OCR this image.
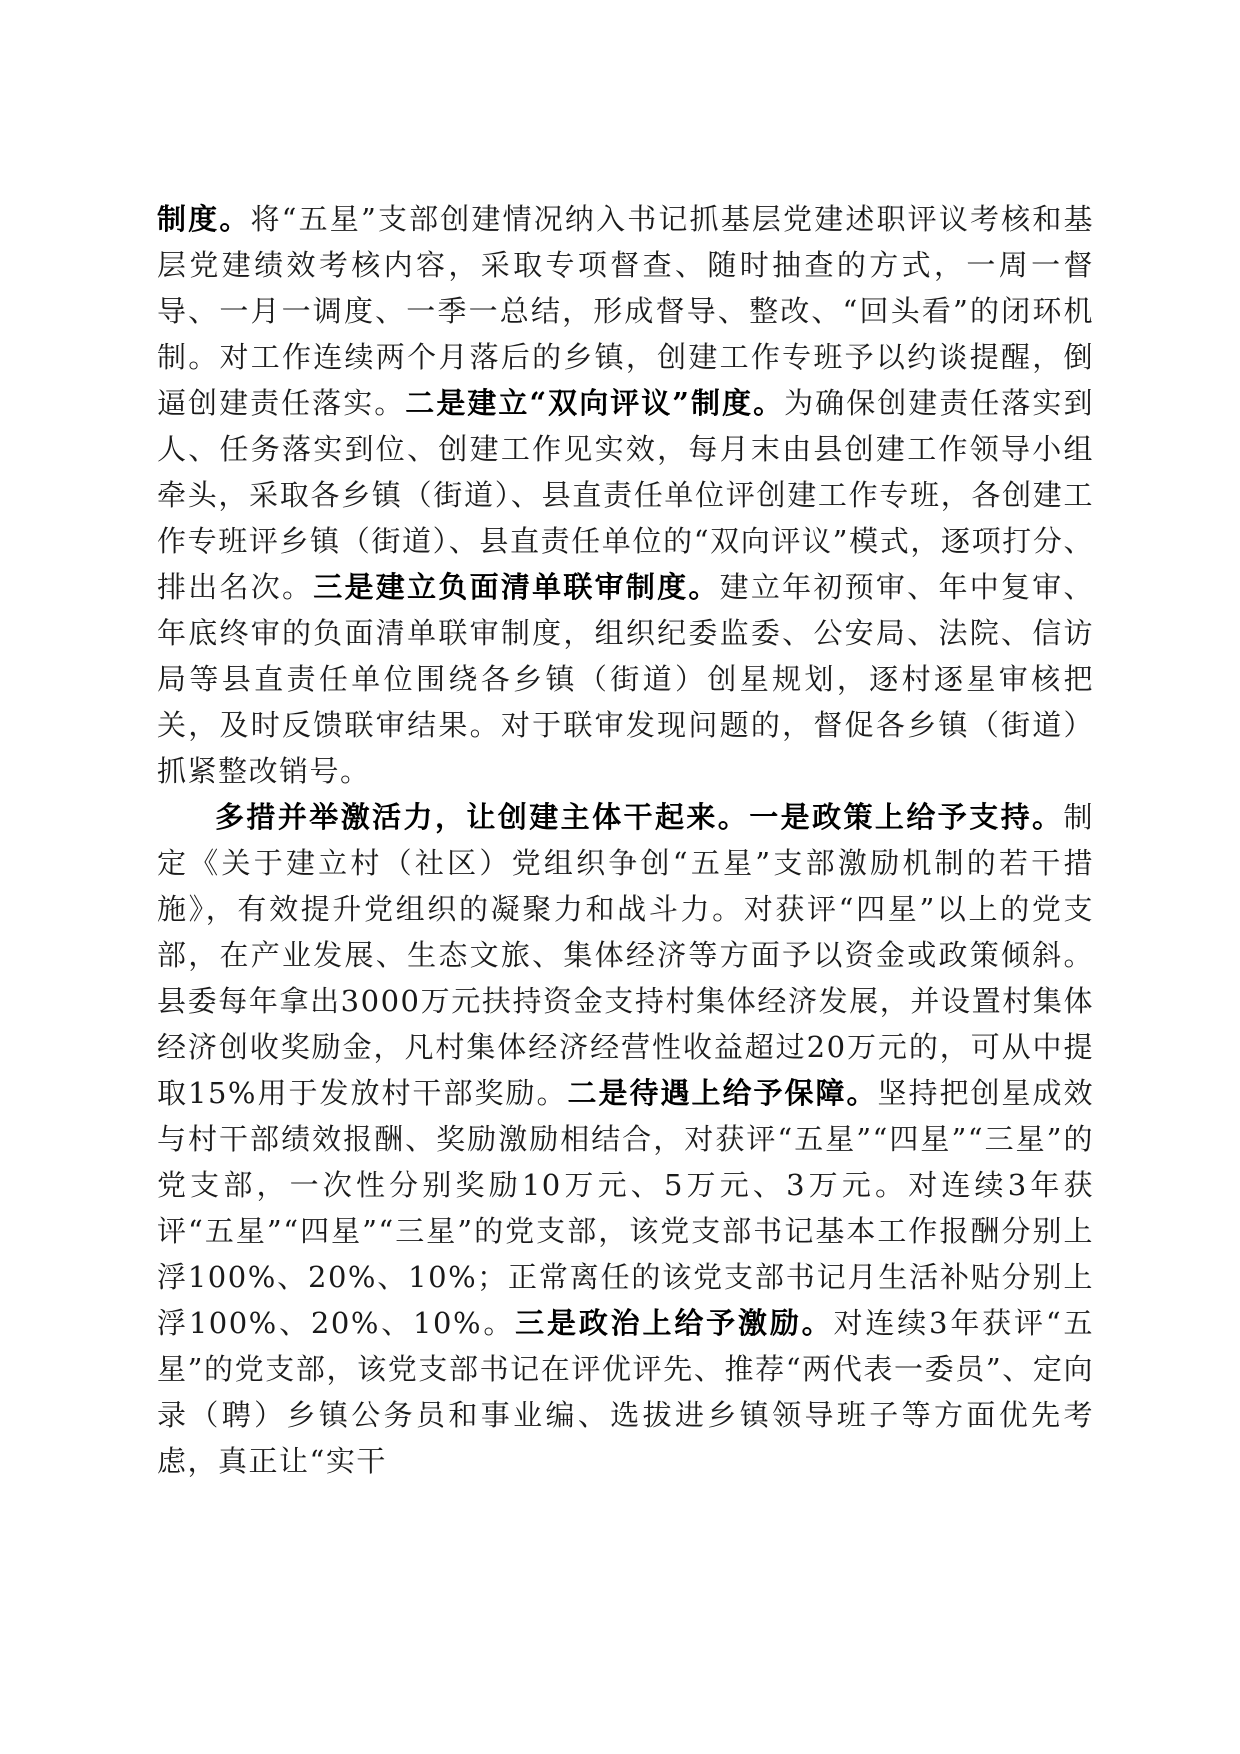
制度。将“五星”支部创建情况纳入书记抓基层党建述职评议考核和基层党建绩效考核内容，采取专项督查、随时抽查的方式，一周一督导、一月一调度、一季一总结，形成督导、整改、“回头看”的闭环机制。对工作连续两个月落后的乡镇，创建工作专班予以约谈提醒，倒逼创建责任落实。二是建立“双向评议”制度。为确保创建责任落实到人、任务落实到位、创建工作见实效，每月末由县创建工作领导小组牵头，采取各乡镇（街道）、县直责任单位评创建工作专班，各创建工作专班评乡镇（街道）、县直责任单位的“双向评议”模式，逐项打分、排出名次。三是建立负面清单联审制度。建立年初预审、年中复审、年底终审的负面清单联审制度，组织纪委监委、公安局、法院、信访局等县直责任单位围绕各乡镇（街道）创星规划，逐村逐星审核把关，及时反馈联审结果。对于联审发现问题的，督促各乡镇（街道）抓紧整改销号。

多措并举激活力，让创建主体干起来。一是政策上给予支持。制定《关于建立村（社区）党组织争创“五星”支部激励机制的若干措施》，有效提升党组织的凝聚力和战斗力。对获评“四星”以上的党支部，在产业发展、生态文旅、集体经济等方面予以资金或政策倾斜。县委每年拿出3000万元扶持资金支持村集体经济发展，并设置村集体经济创收奖励金，凡村集体经济经营性收益超过20万元的，可从中提取15%用于发放村干部奖励。二是待遇上给予保障。坚持把创星成效与村干部绩效报酬、奖励激励相结合，对获评“五星”“四星”“三星”的党支部，一次性分别奖励10万元、5万元、3万元。对连续3年获评“五星”“四星”“三星”的党支部，该党支部书记基本工作报酬分别上浮100%、20%、10%；正常离任的该党支部书记月生活补贴分别上浮100%、20%、10%。三是政治上给予激励。对连续3年获评“五星”的党支部，该党支部书记在评优评先、推荐“两代表一委员”、定向录（聘）乡镇公务员和事业编、选拔进乡镇领导班子等方面优先考虑，真正让“实干
